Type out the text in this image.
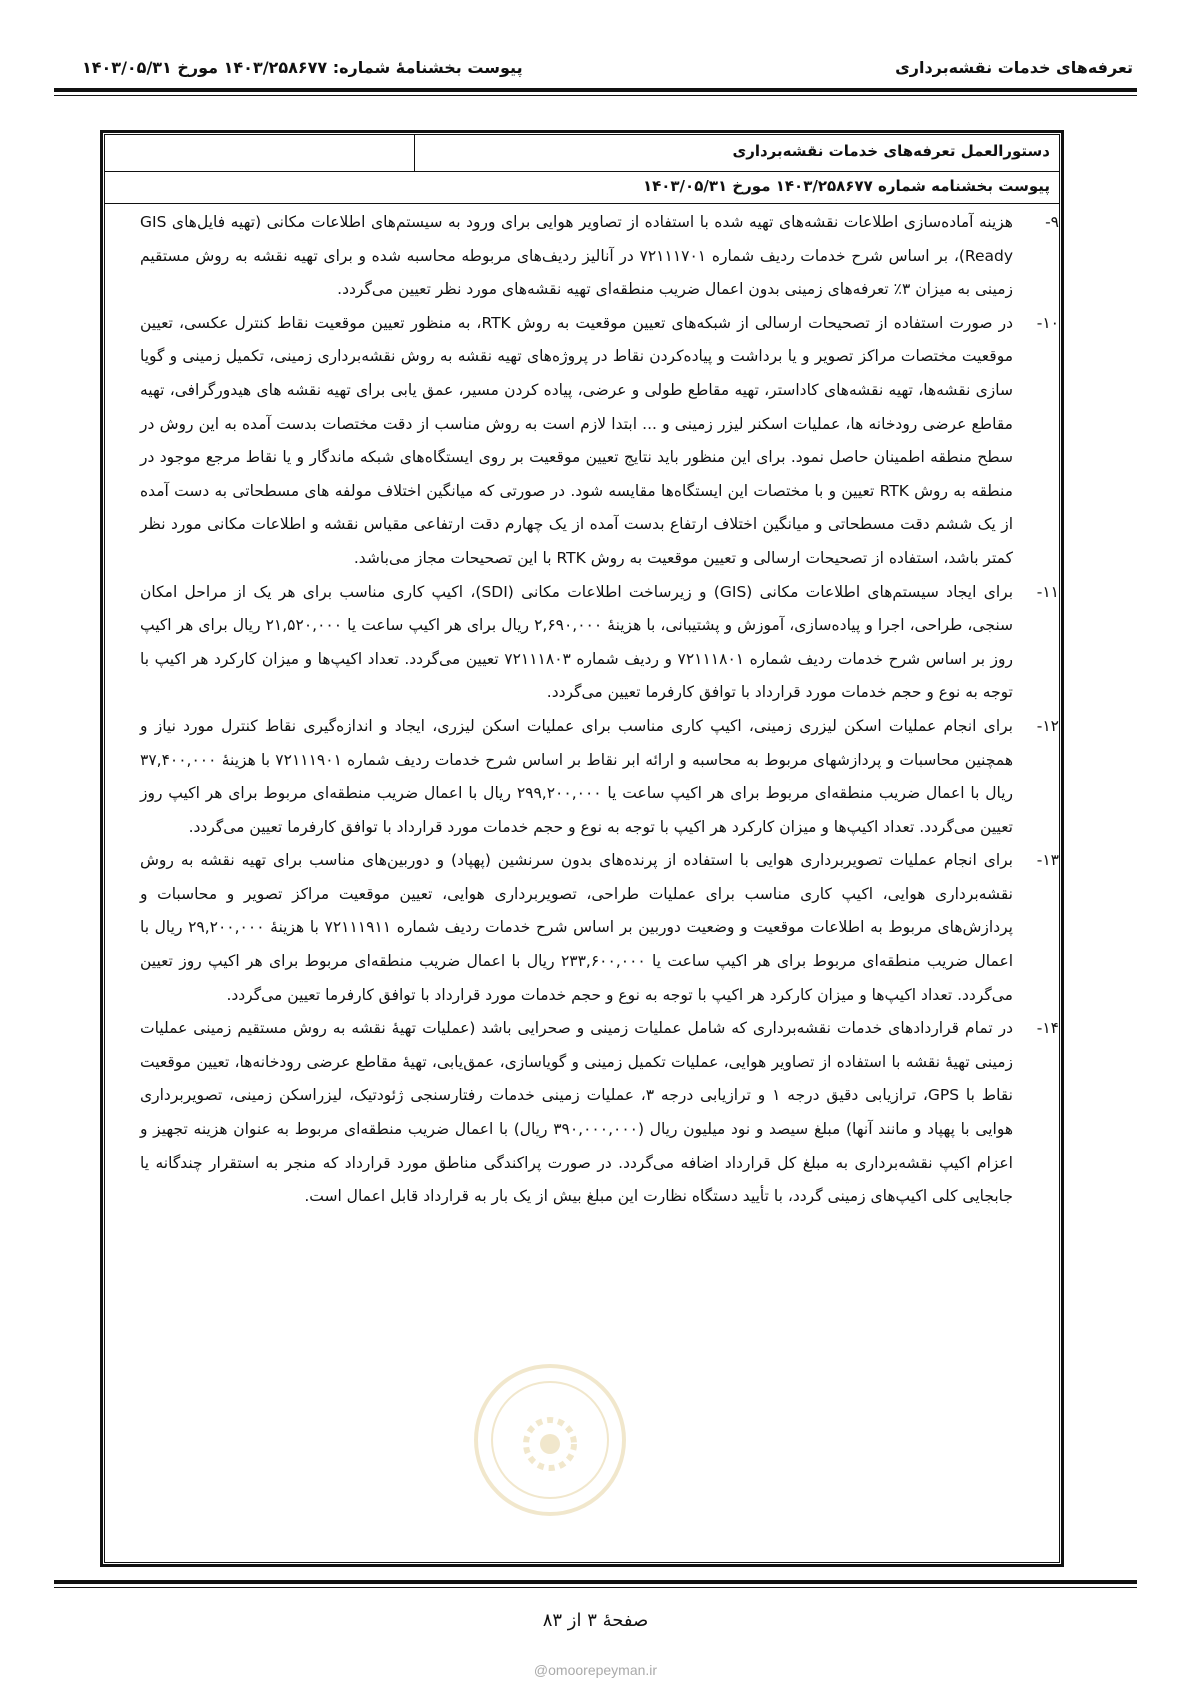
تعرفه‌های خدمات نقشه‌برداری
پیوست بخشنامهٔ شماره: ۱۴۰۳/۲۵۸۶۷۷ مورخ ۱۴۰۳/۰۵/۳۱
دستورالعمل تعرفه‌های خدمات نقشه‌برداری
پیوست بخشنامه شماره ۱۴۰۳/۲۵۸۶۷۷ مورخ ۱۴۰۳/۰۵/۳۱
۹-

هزینه آماده‌سازی اطلاعات نقشه‌های تهیه شده با استفاده از تصاویر هوایی برای ورود به سیستم‌های اطلاعات مکانی (تهیه فایل‌های GIS Ready)، بر اساس شرح خدمات ردیف شماره ۷۲۱۱۱۷۰۱ در آنالیز ردیف‌های مربوطه محاسبه شده و برای تهیه نقشه به روش مستقیم زمینی به میزان ۳٪ تعرفه‌های زمینی بدون اعمال ضریب منطقه‌ای تهیه نقشه‌های مورد نظر تعیین می‌گردد.

۱۰-

در صورت استفاده از تصحیحات ارسالی از شبکه‌های تعیین موقعیت به روش RTK، به منظور تعیین موقعیت نقاط کنترل عکسی، تعیین موقعیت مختصات مراکز تصویر و یا برداشت و پیاده‌کردن نقاط در پروژه‌های تهیه نقشه به روش نقشه‌برداری زمینی، تکمیل زمینی و گویا سازی نقشه‌ها، تهیه نقشه‌های کاداستر، تهیه مقاطع طولی و عرضی، پیاده کردن مسیر، عمق یابی برای تهیه نقشه های هیدورگرافی، تهیه مقاطع عرضی رودخانه ها، عملیات اسکنر لیزر زمینی و ... ابتدا لازم است به روش مناسب از دقت مختصات بدست آمده به این روش در سطح منطقه اطمینان حاصل نمود. برای این منظور باید نتایج تعیین موقعیت بر روی ایستگاه‌های شبکه ماندگار و یا نقاط مرجع موجود در منطقه به روش RTK تعیین و با مختصات این ایستگاه‌ها مقایسه شود. در صورتی که میانگین اختلاف مولفه های مسطحاتی به دست آمده از یک ششم دقت مسطحاتی و میانگین اختلاف ارتفاع بدست آمده از یک چهارم دقت ارتفاعی مقیاس نقشه و اطلاعات مکانی مورد نظر کمتر باشد، استفاده از تصحیحات ارسالی و تعیین موقعیت به روش RTK با این تصحیحات مجاز می‌باشد.

۱۱-

برای ایجاد سیستم‌های اطلاعات مکانی (GIS) و زیرساخت اطلاعات مکانی (SDI)، اکیپ کاری مناسب برای هر یک از مراحل امکان سنجی، طراحی، اجرا و پیاده‌سازی، آموزش و پشتیبانی، با هزینهٔ ۲,۶۹۰,۰۰۰ ریال برای هر اکیپ ساعت یا ۲۱,۵۲۰,۰۰۰ ریال برای هر اکیپ روز بر اساس شرح خدمات ردیف شماره ۷۲۱۱۱۸۰۱ و ردیف شماره ۷۲۱۱۱۸۰۳ تعیین می‌گردد. تعداد اکیپ‌ها و میزان کارکرد هر اکیپ با توجه به نوع و حجم خدمات مورد قرارداد با توافق کارفرما تعیین می‌گردد.

۱۲-

برای انجام عملیات اسکن لیزری زمینی، اکیپ کاری مناسب برای عملیات اسکن لیزری، ایجاد و اندازه‌گیری نقاط کنترل مورد نیاز و همچنین محاسبات و پردازشهای مربوط به محاسبه و ارائه ابر نقاط بر اساس شرح خدمات ردیف شماره ۷۲۱۱۱۹۰۱ با هزینهٔ ۳۷,۴۰۰,۰۰۰ ریال با اعمال ضریب منطقه‌ای مربوط برای هر اکیپ ساعت یا ۲۹۹,۲۰۰,۰۰۰ ریال با اعمال ضریب منطقه‌ای مربوط برای هر اکیپ روز تعیین می‌گردد. تعداد اکیپ‌ها و میزان کارکرد هر اکیپ با توجه به نوع و حجم خدمات مورد قرارداد با توافق کارفرما تعیین می‌گردد.

۱۳-

برای انجام عملیات تصویربرداری هوایی با استفاده از پرنده‌های بدون سرنشین (پهپاد) و دوربین‌های مناسب برای تهیه نقشه به روش نقشه‌برداری هوایی، اکیپ کاری مناسب برای عملیات طراحی، تصویربرداری هوایی، تعیین موقعیت مراکز تصویر و محاسبات و پردازش‌های مربوط به اطلاعات موقعیت و وضعیت دوربین بر اساس شرح خدمات ردیف شماره ۷۲۱۱۱۹۱۱ با هزینهٔ ۲۹,۲۰۰,۰۰۰ ریال با اعمال ضریب منطقه‌ای مربوط برای هر اکیپ ساعت یا ۲۳۳,۶۰۰,۰۰۰ ریال با اعمال ضریب منطقه‌ای مربوط برای هر اکیپ روز تعیین می‌گردد. تعداد اکیپ‌ها و میزان کارکرد هر اکیپ با توجه به نوع و حجم خدمات مورد قرارداد با توافق کارفرما تعیین می‌گردد.

۱۴-

در تمام قراردادهای خدمات نقشه‌برداری که شامل عملیات زمینی و صحرایی باشد (عملیات تهیهٔ نقشه به روش مستقیم زمینی عملیات زمینی تهیهٔ نقشه با استفاده از تصاویر هوایی، عملیات تکمیل زمینی و گویاسازی، عمق‌یابی، تهیهٔ مقاطع عرضی رودخانه‌ها، تعیین موقعیت نقاط با GPS، ترازیابی دقیق درجه ۱ و ترازیابی درجه ۳، عملیات زمینی خدمات رفتارسنجی ژئودتیک، لیزراسکن زمینی، تصویربرداری هوایی با پهپاد و مانند آنها) مبلغ سیصد و نود میلیون ریال (۳۹۰,۰۰۰,۰۰۰ ریال) با اعمال ضریب منطقه‌ای مربوط به عنوان هزینه تجهیز و اعزام اکیپ نقشه‌برداری به مبلغ کل قرارداد اضافه می‌گردد. در صورت پراکندگی مناطق مورد قرارداد که منجر به استقرار چندگانه یا جابجایی کلی اکیپ‌های زمینی گردد، با تأیید دستگاه نظارت این مبلغ بیش از یک بار به قرارداد قابل اعمال است.

صفحهٔ ۳ از ۸۳
@omoorepeyman.ir
